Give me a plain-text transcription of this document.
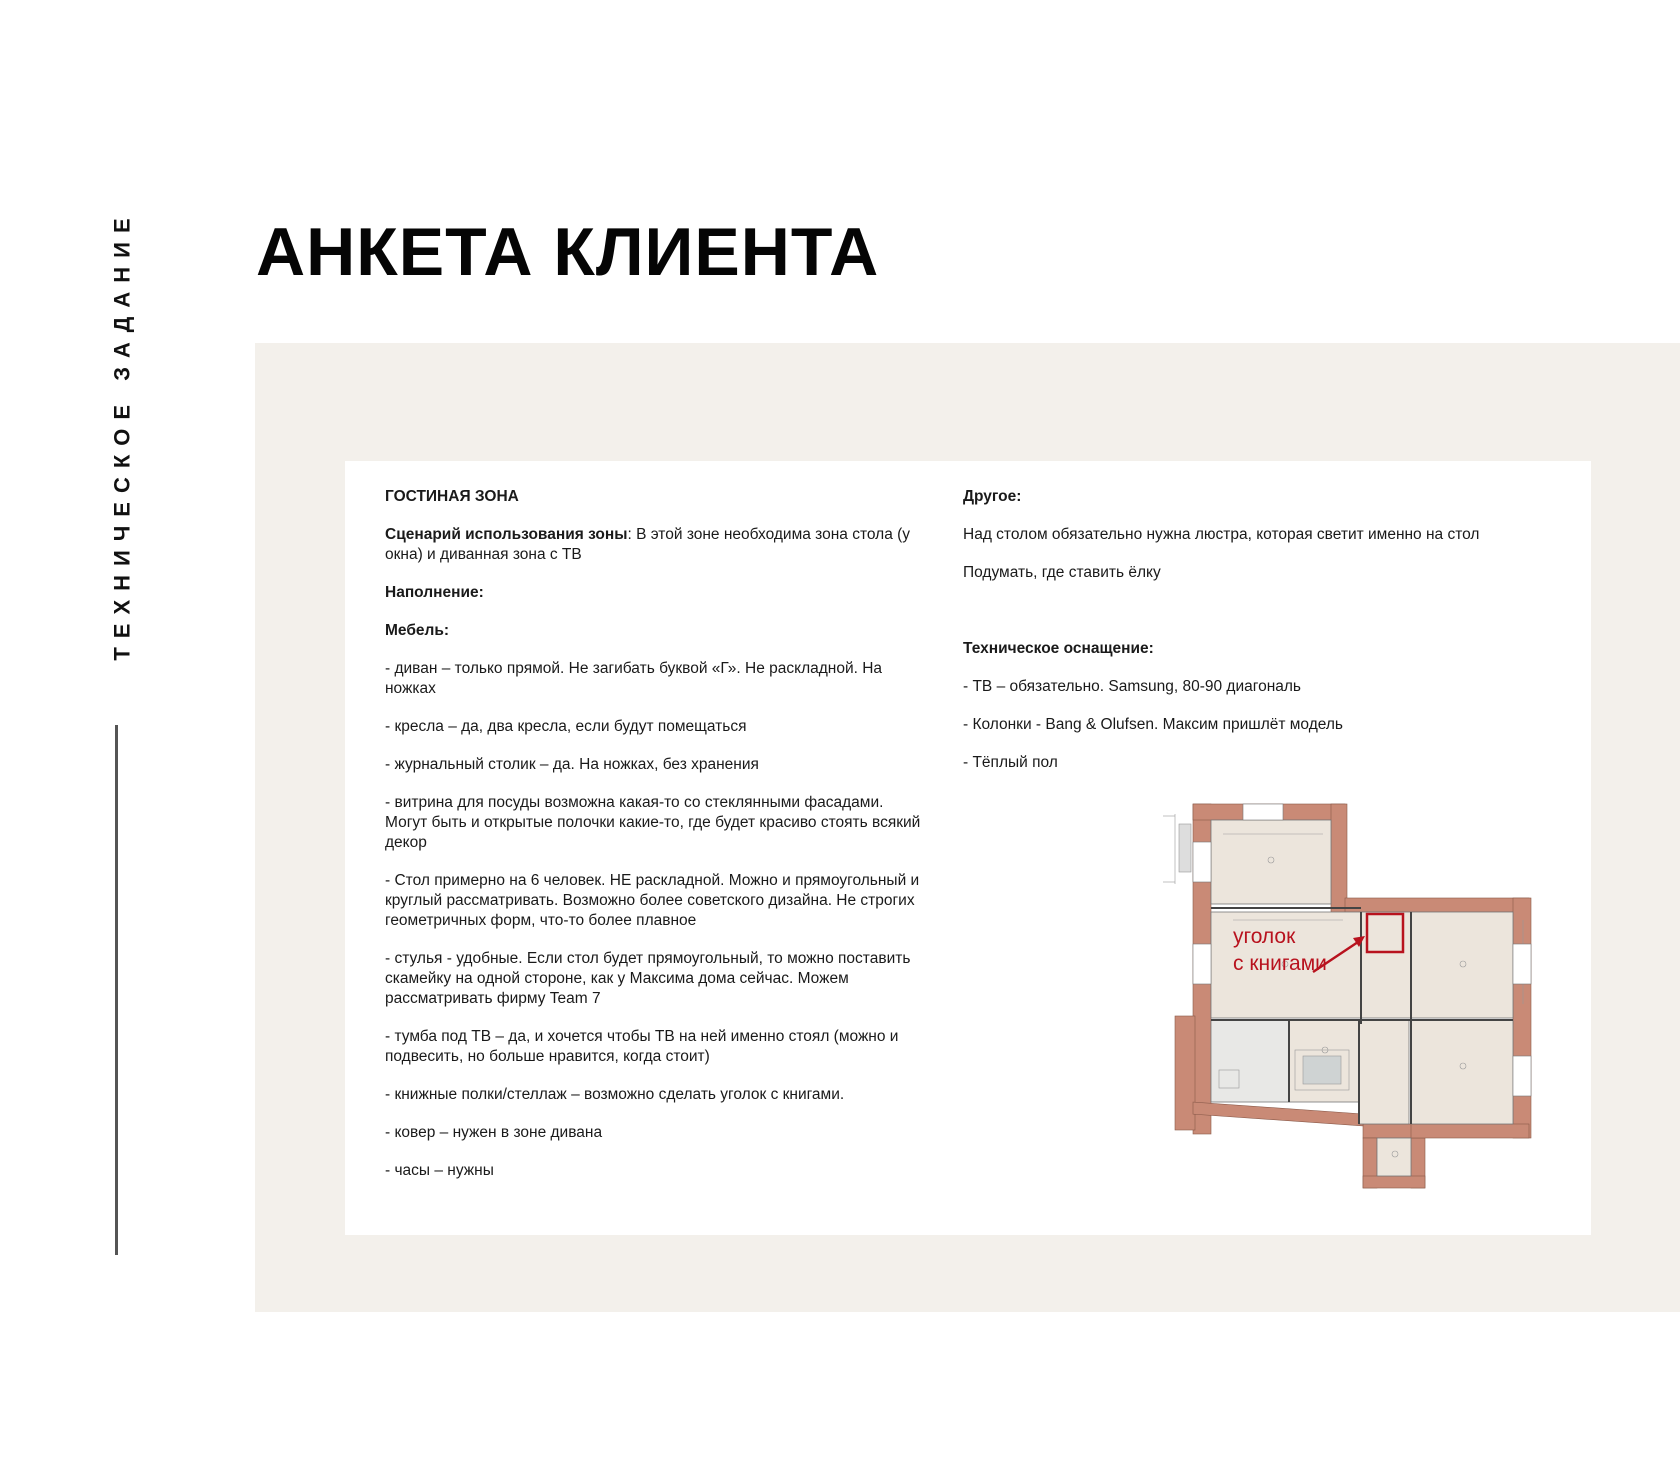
ТЕХНИЧЕСКОЕ ЗАДАНИЕ АНКЕТА КЛИЕНТА

ГОСТИНАЯ ЗОНА

Сценарий использования зоны: В этой зоне необходима зона стола (у окна) и диванная зона с ТВ

Наполнение:

Мебель:

- диван – только прямой. Не загибать буквой «Г». Не раскладной. На ножках

- кресла – да, два кресла, если будут помещаться

- журнальный столик – да. На ножках, без хранения

- витрина для посуды возможна какая-то со стеклянными фасадами. Могут быть и открытые полочки какие-то, где будет красиво стоять всякий декор

- Стол примерно на 6 человек. НЕ раскладной. Можно и прямоугольный и круглый рассматривать. Возможно более советского дизайна. Не строгих геометричных форм, что-то более плавное

- стулья - удобные. Если стол будет прямоугольный, то можно поставить скамейку на одной стороне, как у Максима дома сейчас. Можем рассматривать фирму Team 7

- тумба под ТВ – да, и хочется чтобы ТВ на ней именно стоял (можно и подвесить, но больше нравится, когда стоит)

- книжные полки/стеллаж – возможно сделать уголок с книгами.

- ковер – нужен в зоне дивана

- часы – нужны

Другое:

Над столом обязательно нужна люстра, которая светит именно на стол

Подумать, где ставить ёлку

Техническое оснащение:

- ТВ – обязательно. Samsung, 80-90 диагональ

- Колонки - Bang & Olufsen. Максим пришлёт модель

- Тёплый пол

уголок
с книгами
